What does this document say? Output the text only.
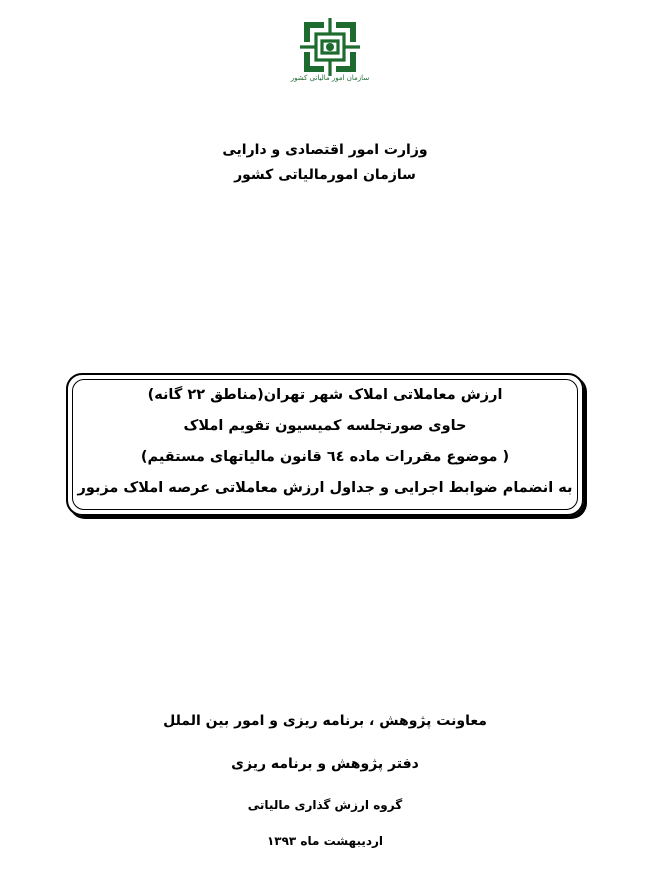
سازمان امور مالیاتی کشور
وزارت امور اقتصادی و دارایی
سازمان امورمالیاتی کشور
ارزش معاملاتی املاک شهر تهران(مناطق ۲۲ گانه)
حاوی صورتجلسه کمیسیون تقویم املاک
( موضوع مقررات ماده ٦٤ قانون مالیاتهای مستقیم)
به انضمام ضوابط اجرایی و جداول ارزش معاملاتی عرصه املاک مزبور
معاونت پژوهش ، برنامه ریزی و امور بین الملل
دفتر پژوهش و برنامه ریزی
گروه ارزش گذاری مالیاتی
اردیبهشت ماه ۱۳۹۳
